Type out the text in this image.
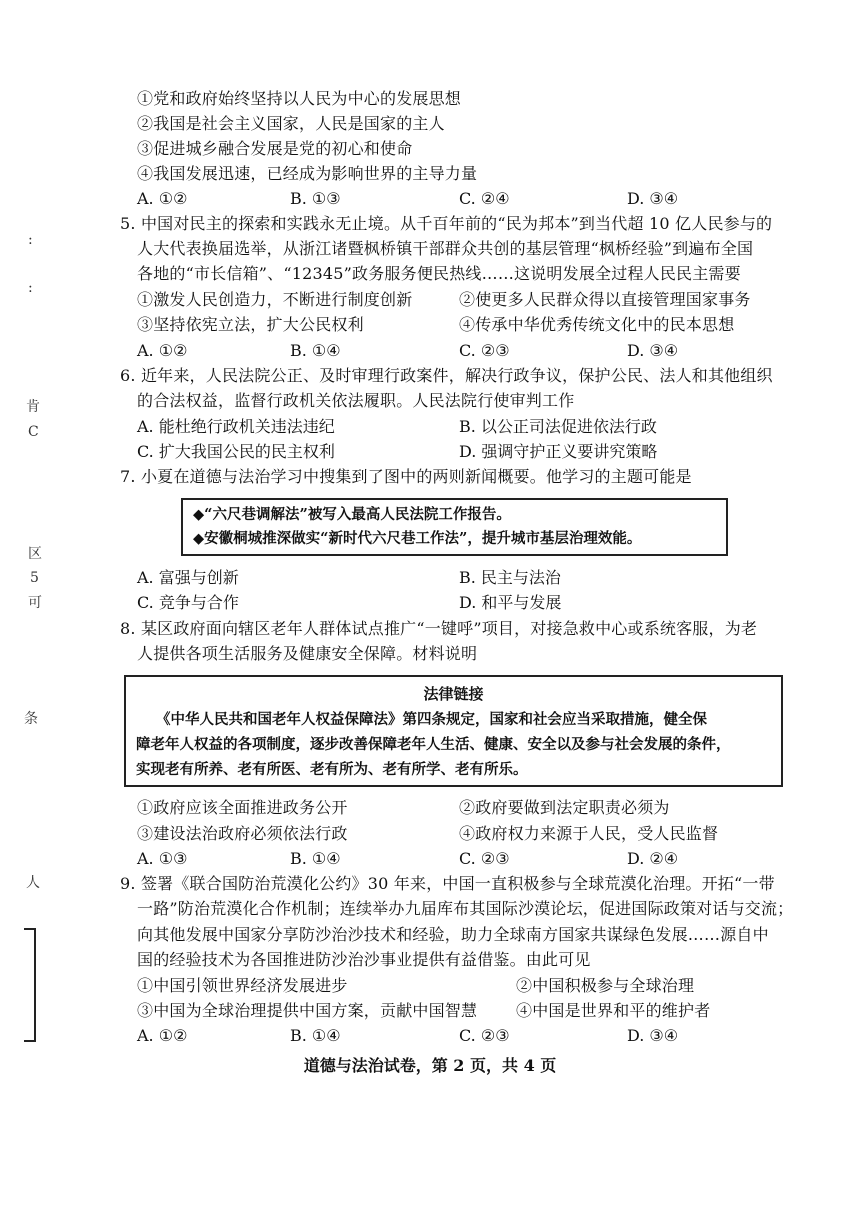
:
:
肯
C
区
5
可
条
人
①党和政府始终坚持以人民为中心的发展思想
②我国是社会主义国家，人民是国家的主人
③促进城乡融合发展是党的初心和使命
④我国发展迅速，已经成为影响世界的主导力量
A. ①②	B. ①③	C. ②④	D. ③④
5. 中国对民主的探索和实践永无止境。从千百年前的“民为邦本”到当代超 10 亿人民参与的
人大代表换届选举，从浙江诸暨枫桥镇干部群众共创的基层管理“枫桥经验”到遍布全国
各地的“市长信箱”、“12345”政务服务便民热线……这说明发展全过程人民民主需要
①激发人民创造力，不断进行制度创新	②使更多人民群众得以直接管理国家事务
③坚持依宪立法，扩大公民权利	④传承中华优秀传统文化中的民本思想
A. ①②	B. ①④	C. ②③	D. ③④
6. 近年来，人民法院公正、及时审理行政案件，解决行政争议，保护公民、法人和其他组织
的合法权益，监督行政机关依法履职。人民法院行使审判工作
A. 能杜绝行政机关违法违纪	B. 以公正司法促进依法行政
C. 扩大我国公民的民主权利	D. 强调守护正义要讲究策略
7. 小夏在道德与法治学习中搜集到了图中的两则新闻概要。他学习的主题可能是
◆“六尺巷调解法”被写入最高人民法院工作报告。
◆安徽桐城推深做实“新时代六尺巷工作法”，提升城市基层治理效能。
A. 富强与创新	B. 民主与法治
C. 竞争与合作	D. 和平与发展
8. 某区政府面向辖区老年人群体试点推广“一键呼”项目，对接急救中心或系统客服，为老
人提供各项生活服务及健康安全保障。材料说明
法律链接
《中华人民共和国老年人权益保障法》第四条规定，国家和社会应当采取措施，健全保
障老年人权益的各项制度，逐步改善保障老年人生活、健康、安全以及参与社会发展的条件，
实现老有所养、老有所医、老有所为、老有所学、老有所乐。
①政府应该全面推进政务公开	②政府要做到法定职责必须为
③建设法治政府必须依法行政	④政府权力来源于人民，受人民监督
A. ①③	B. ①④	C. ②③	D. ②④
9. 签署《联合国防治荒漠化公约》30 年来，中国一直积极参与全球荒漠化治理。开拓“一带
一路”防治荒漠化合作机制；连续举办九届库布其国际沙漠论坛，促进国际政策对话与交流；
向其他发展中国家分享防沙治沙技术和经验，助力全球南方国家共谋绿色发展……源自中
国的经验技术为各国推进防沙治沙事业提供有益借鉴。由此可见
①中国引领世界经济发展进步	②中国积极参与全球治理
③中国为全球治理提供中国方案，贡献中国智慧 ④中国是世界和平的维护者
A. ①②	B. ①④	C. ②③	D. ③④
道德与法治试卷，第 2 页，共 4 页
